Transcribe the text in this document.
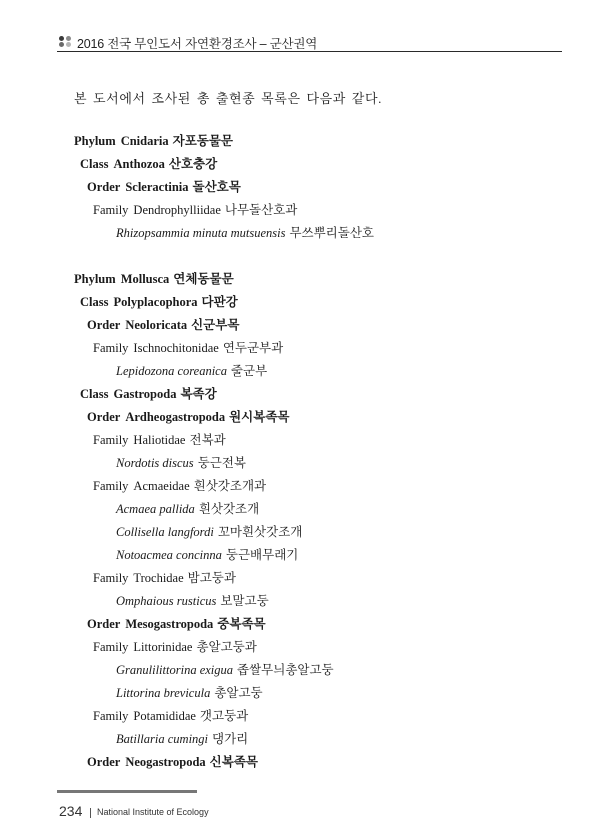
2016 전국 무인도서 자연환경조사 – 군산권역
본 도서에서 조사된 총 출현종 목록은 다음과 같다.
Phylum Cnidaria 자포동물문
Class Anthozoa 산호충강
Order Scleractinia 돌산호목
Family Dendrophylliidae 나무돌산호과
Rhizopsammia minuta mutsuensis 무쓰뿌리돌산호
Phylum Mollusca 연체동물문
Class Polyplacophora 다판강
Order Neoloricata 신군부목
Family Ischnochitonidae 연두군부과
Lepidozona coreanica 줄군부
Class Gastropoda 복족강
Order Ardheogastropoda 원시복족목
Family Haliotidae 전복과
Nordotis discus 둥근전복
Family Acmaeidae 흰삿갓조개과
Acmaea pallida 흰삿갓조개
Collisella langfordi 꼬마흰삿갓조개
Notoacmea concinna 둥근배무래기
Family Trochidae 밤고둥과
Omphaious rusticus 보말고둥
Order Mesogastropoda 중복족목
Family Littorinidae 총알고둥과
Granulilittorina exigua 좁쌀무늬총알고둥
Littorina brevicula 총알고둥
Family Potamididae 갯고둥과
Batillaria cumingi 댕가리
Order Neogastropoda 신복족목
234 National Institute of Ecology
